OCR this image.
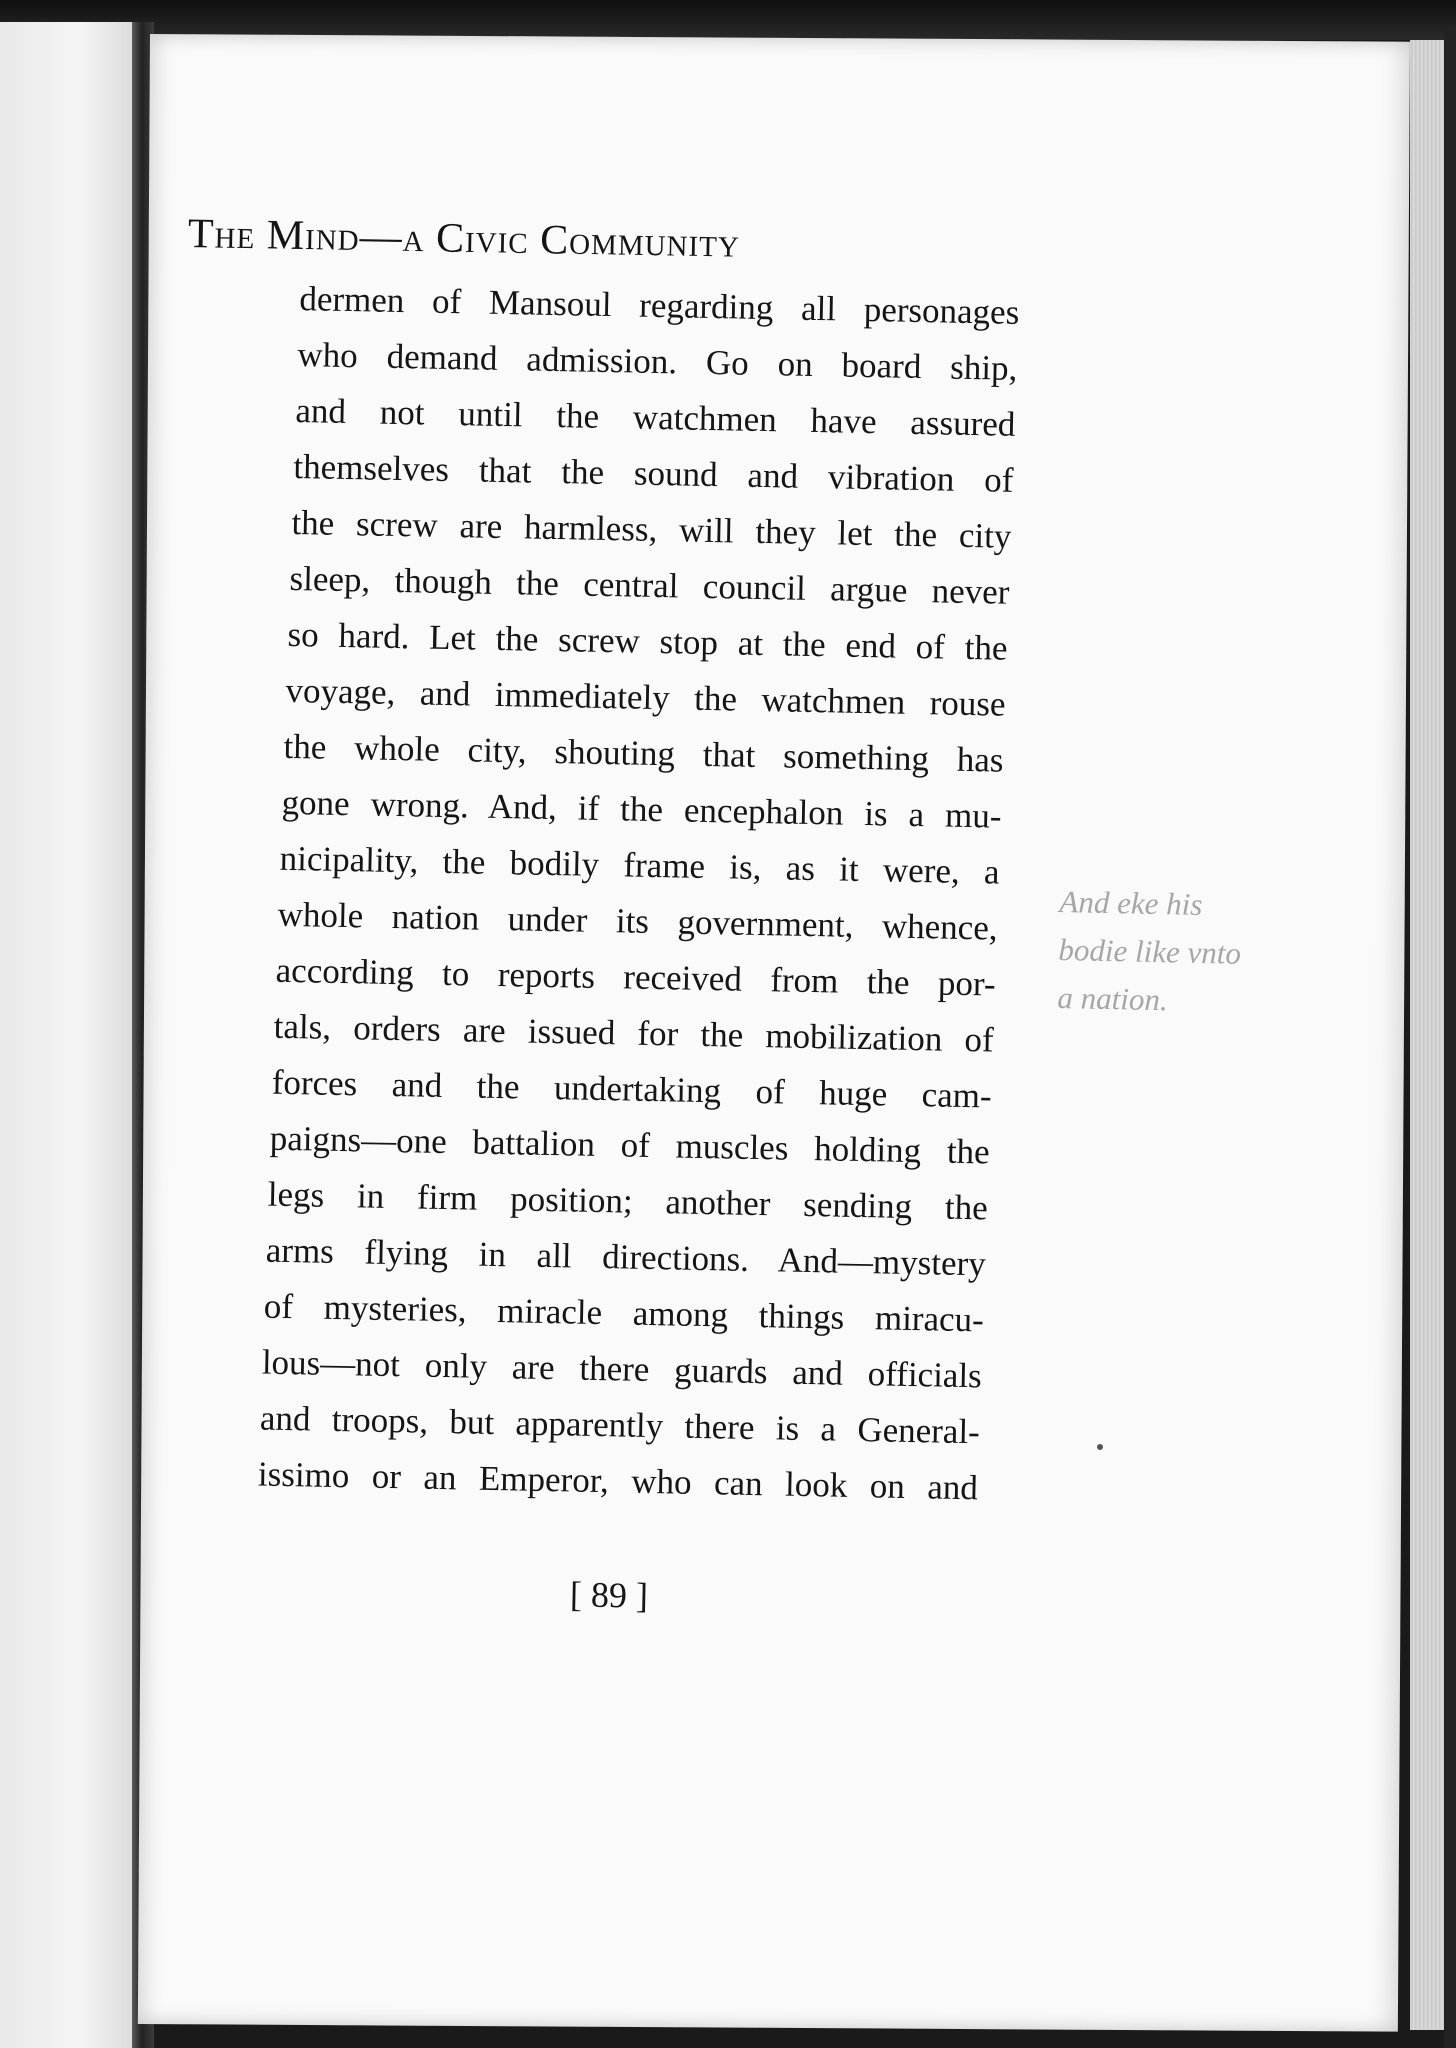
The Mind—a Civic Community
dermen of Mansoul regarding all personages
who demand admission. Go on board ship,
and not until the watchmen have assured
themselves that the sound and vibration of
the screw are harmless, will they let the city
sleep, though the central council argue never
so hard. Let the screw stop at the end of the
voyage, and immediately the watchmen rouse
the whole city, shouting that something has
gone wrong. And, if the encephalon is a mu-
nicipality, the bodily frame is, as it were, a
whole nation under its government, whence,
according to reports received from the por-
tals, orders are issued for the mobilization of
forces and the undertaking of huge cam-
paigns—one battalion of muscles holding the
legs in firm position; another sending the
arms flying in all directions. And—mystery
of mysteries, miracle among things miracu-
lous—not only are there guards and officials
and troops, but apparently there is a General-
issimo or an Emperor, who can look on and
And eke his
bodie like vnto
a nation.
[ 89 ]
